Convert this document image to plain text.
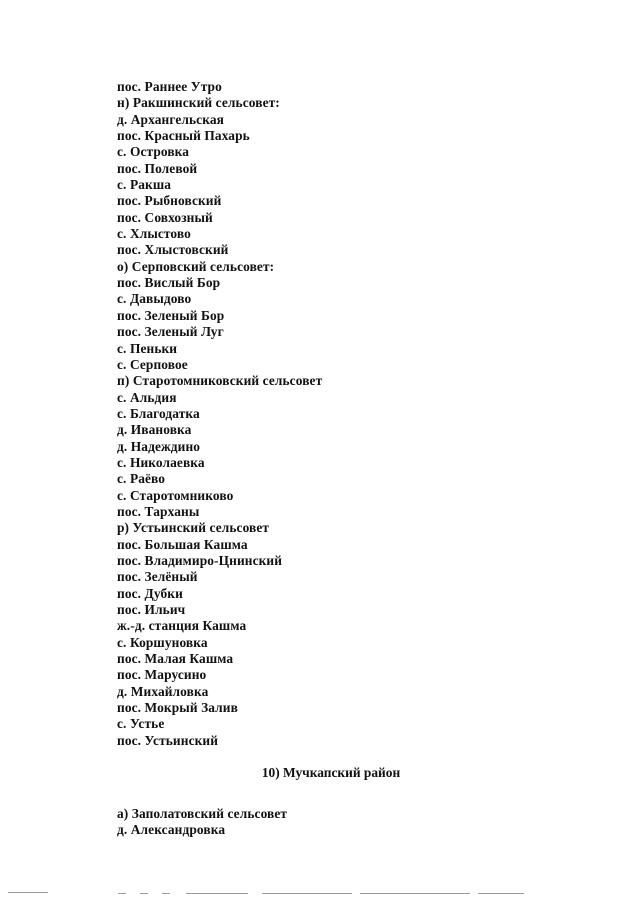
пос. Раннее Утро
н) Ракшинский сельсовет:
д. Архангельская
пос. Красный Пахарь
с. Островка
пос. Полевой
с. Ракша
пос. Рыбновский
пос. Совхозный
с. Хлыстово
пос. Хлыстовский
о) Серповский сельсовет:
пос. Вислый Бор
с. Давыдово
пос. Зеленый Бор
пос. Зеленый Луг
с. Пеньки
с. Серповое
п) Старотомниковский сельсовет
с. Альдия
с. Благодатка
д. Ивановка
д. Надеждино
с. Николаевка
с. Раёво
с. Старотомниково
пос. Тарханы
р) Устьинский сельсовет
пос. Большая Кашма
пос. Владимиро-Цнинский
пос. Зелёный
пос. Дубки
пос. Ильич
ж.-д. станция Кашма
с. Коршуновка
пос. Малая Кашма
пос. Марусино
д. Михайловка
пос. Мокрый Залив
с. Устье
пос. Устьинский
10) Мучкапский район
а) Заполатовский сельсовет
д. Александровка
